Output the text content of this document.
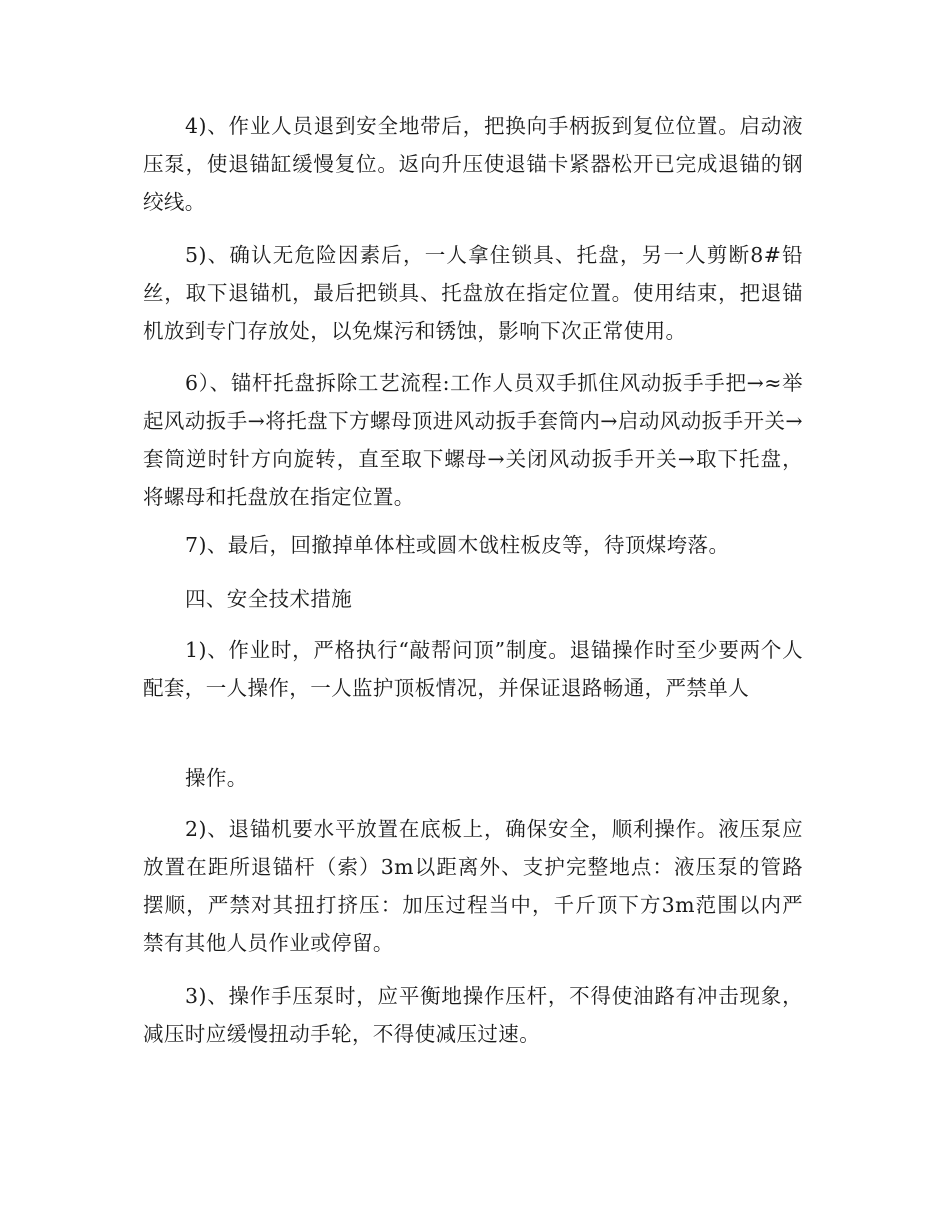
4)、作业人员退到安全地带后，把换向手柄扳到复位位置。启动液压泵，使退锚缸缓慢复位。返向升压使退锚卡紧器松开已完成退锚的钢绞线。

5)、确认无危险因素后，一人拿住锁具、托盘，另一人剪断8#铅丝，取下退锚机，最后把锁具、托盘放在指定位置。使用结束，把退锚机放到专门存放处，以免煤污和锈蚀，影响下次正常使用。

6）、锚杆托盘拆除工艺流程:工作人员双手抓住风动扳手手把→≈举起风动扳手→将托盘下方螺母顶进风动扳手套筒内→启动风动扳手开关→套筒逆时针方向旋转，直至取下螺母→关闭风动扳手开关→取下托盘，将螺母和托盘放在指定位置。

7)、最后，回撤掉单体柱或圆木戗柱板皮等，待顶煤垮落。

四、安全技术措施

1)、作业时，严格执行“敲帮问顶”制度。退锚操作时至少要两个人配套，一人操作，一人监护顶板情况，并保证退路畅通，严禁单人

操作。

2)、退锚机要水平放置在底板上，确保安全，顺利操作。液压泵应放置在距所退锚杆（索）3m以距离外、支护完整地点：液压泵的管路摆顺，严禁对其扭打挤压：加压过程当中，千斤顶下方3m范围以内严禁有其他人员作业或停留。

3)、操作手压泵时，应平衡地操作压杆，不得使油路有冲击现象，减压时应缓慢扭动手轮，不得使减压过速。
